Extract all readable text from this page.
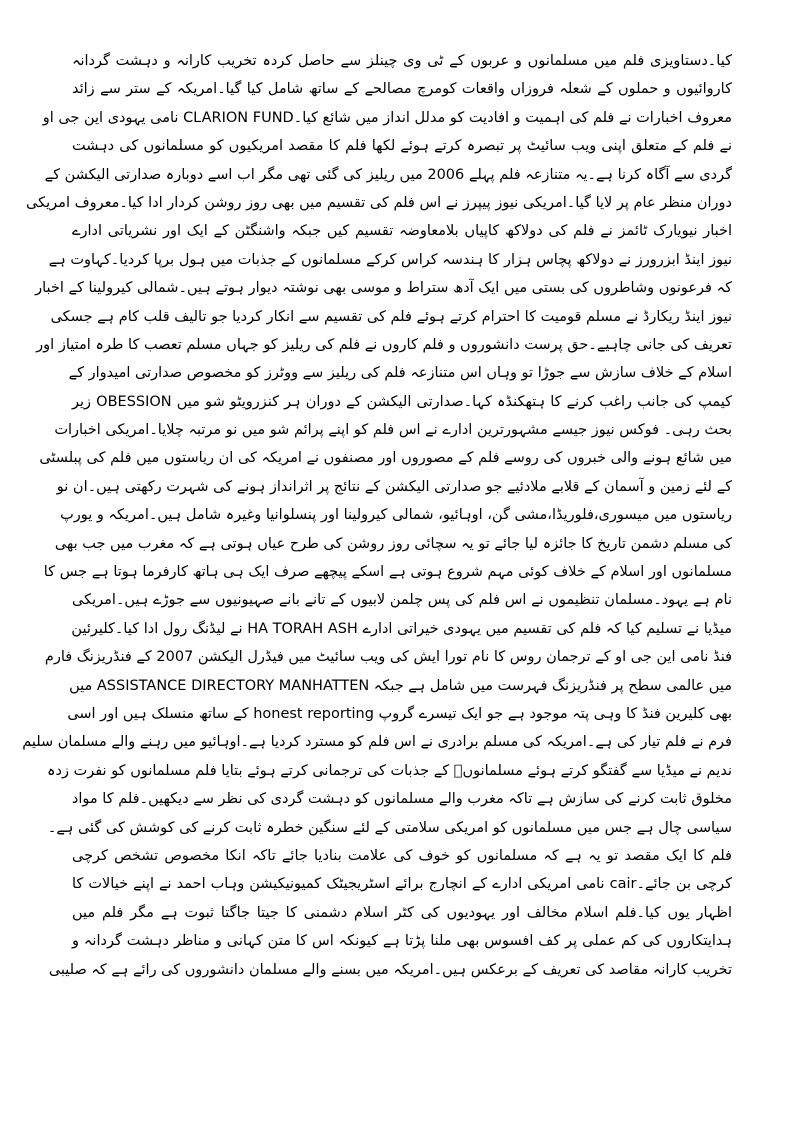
کیا۔دستاویزی فلم میں مسلمانوں و عربوں کے ٹی وی چینلز سے حاصل کردہ تخریب کارانہ و دہشت گردانہ
کاروائیوں و حملوں کے شعلہ فروزاں واقعات کومرچ مصالحے کے ساتھ شامل کیا گیا۔امریکہ کے ستر سے زائد
معروف اخبارات نے فلم کی اہمیت و افادیت کو مدلل انداز میں شائع کیا۔CLARION FUND نامی یہودی این جی او
نے فلم کے متعلق اپنی ویب سائیٹ پر تبصرہ کرتے ہوئے لکھا فلم کا مقصد امریکیوں کو مسلمانوں کی دہشت
گردی سے آگاہ کرنا ہے۔یہ متنازعہ فلم پہلے 2006 میں ریلیز کی گئی تھی مگر اب اسے دوبارہ صدارتی الیکشن کے
دوران منظر عام پر لایا گیا۔امریکی نیوز پیپرز نے اس فلم کی تقسیم میں بھی روز روشن کردار ادا کیا۔معروف امریکی
اخبار نیویارک ٹائمز نے فلم کی دولاکھ کاپیاں بلامعاوضہ تقسیم کیں جبکہ واشنگٹن کے ایک اور نشریاتی ادارے
نیوز اینڈ ابزرورز نے دولاکھ پچاس ہزار کا ہندسہ کراس کرکے مسلمانوں کے جذبات میں ہول برپا کردیا۔کہاوت ہے
کہ فرعونوں وشاطروں کی بستی میں ایک آدھ ستراط و موسی بھی نوشتہ دیوار ہوتے ہیں۔شمالی کیرولینا کے اخبار
نیوز اینڈ ریکارڈ نے مسلم قومیت کا احترام کرتے ہوئے فلم کی تقسیم سے انکار کردیا جو تالیف قلب کام ہے جسکی
تعریف کی جانی چاہیے۔حق پرست دانشوروں و فلم کاروں نے فلم کی ریلیز کو جہاں مسلم تعصب کا طرہ امتیاز اور
اسلام کے خلاف سازش سے جوڑا تو وہاں اس متنازعہ فلم کی ریلیز سے ووٹرز کو مخصوص صدارتی امیدوار کے
کیمپ کی جانب راغب کرنے کا ہتھکنڈہ کہا۔صدارتی الیکشن کے دوران ہر کنزرویٹو شو میں OBESSION زیر
بحث رہی۔ فوکس نیوز جیسے مشہورترین ادارے نے اس فلم کو اپنے پرائم شو میں نو مرتبہ چلایا۔امریکی اخبارات
میں شائع ہونے والی خبروں کی روسے فلم کے مصوروں اور مصنفوں نے امریکہ کی ان ریاستوں میں فلم کی پبلسٹی
کے لئے زمین و آسمان کے قلابے ملادئیے جو صدارتی الیکشن کے نتائج پر اثرانداز ہونے کی شہرت رکھتی ہیں۔ان نو
ریاستوں میں میسوری،فلوریڈا،مشی گن، اوہائیو، شمالی کیرولینا اور پنسلوانیا وغیرہ شامل ہیں۔امریکہ و یورپ
کی مسلم دشمن تاریخ کا جائزہ لیا جائے تو یہ سچائی روز روشن کی طرح عیاں ہوتی ہے کہ مغرب میں جب بھی
مسلمانوں اور اسلام کے خلاف کوئی مہم شروع ہوتی ہے اسکے پیچھے صرف ایک ہی ہاتھ کارفرما ہوتا ہے جس کا
نام ہے یہود۔مسلمان تنظیموں نے اس فلم کی پس چلمن لابیوں کے تانے بانے صہیونیوں سے جوڑے ہیں۔امریکی
میڈیا نے تسلیم کیا کہ فلم کی تقسیم میں یہودی خیراتی ادارے HA TORAH ASH نے لیڈنگ رول ادا کیا۔کلیرئین
فنڈ نامی این جی او کے ترجمان روس کا نام تورا ایش کی ویب سائیٹ میں فیڈرل الیکشن 2007 کے فنڈریزنگ فارم
میں عالمی سطح پر فنڈریزنگ فہرست میں شامل ہے جبکہ ASSISTANCE DIRECTORY MANHATTEN میں
بھی کلیرین فنڈ کا وہی پتہ موجود ہے جو ایک تیسرے گروپ honest reporting کے ساتھ منسلک ہیں اور اسی
فرم نے فلم تیار کی ہے۔امریکہ کی مسلم برادری نے اس فلم کو مسترد کردیا ہے۔اوہائیو میں رہنے والے مسلمان سلیم
ندیم نے میڈیا سے گفتگو کرتے ہوئے مسلمانوںؔ کے جذبات کی ترجمانی کرتے ہوئے بتایا فلم مسلمانوں کو نفرت زدہ
مخلوق ثابت کرنے کی سازش ہے تاکہ مغرب والے مسلمانوں کو دہشت گردی کی نظر سے دیکھیں۔فلم کا مواد
سیاسی چال ہے جس میں مسلمانوں کو امریکی سلامتی کے لئے سنگین خطرہ ثابت کرنے کی کوشش کی گئی ہے۔
فلم کا ایک مقصد تو یہ ہے کہ مسلمانوں کو خوف کی علامت بنادیا جائے تاکہ انکا مخصوص تشخص کرچی
کرچی بن جائے۔cair نامی امریکی ادارے کے انچارج برائے اسٹریجیٹک کمیونیکیشن وہاب احمد نے اپنے خیالات کا
اظہار یوں کیا۔فلم اسلام مخالف اور یہودیوں کی کٹر اسلام دشمنی کا جیتا جاگتا ثبوت ہے مگر فلم میں
ہدایتکاروں کی کم عملی پر کف افسوس بھی ملنا پڑتا ہے کیونکہ اس کا متن کہانی و مناظر دہشت گردانہ و
تخریب کارانہ مقاصد کی تعریف کے برعکس ہیں۔امریکہ میں بسنے والے مسلمان دانشوروں کی رائے ہے کہ صلیبی
